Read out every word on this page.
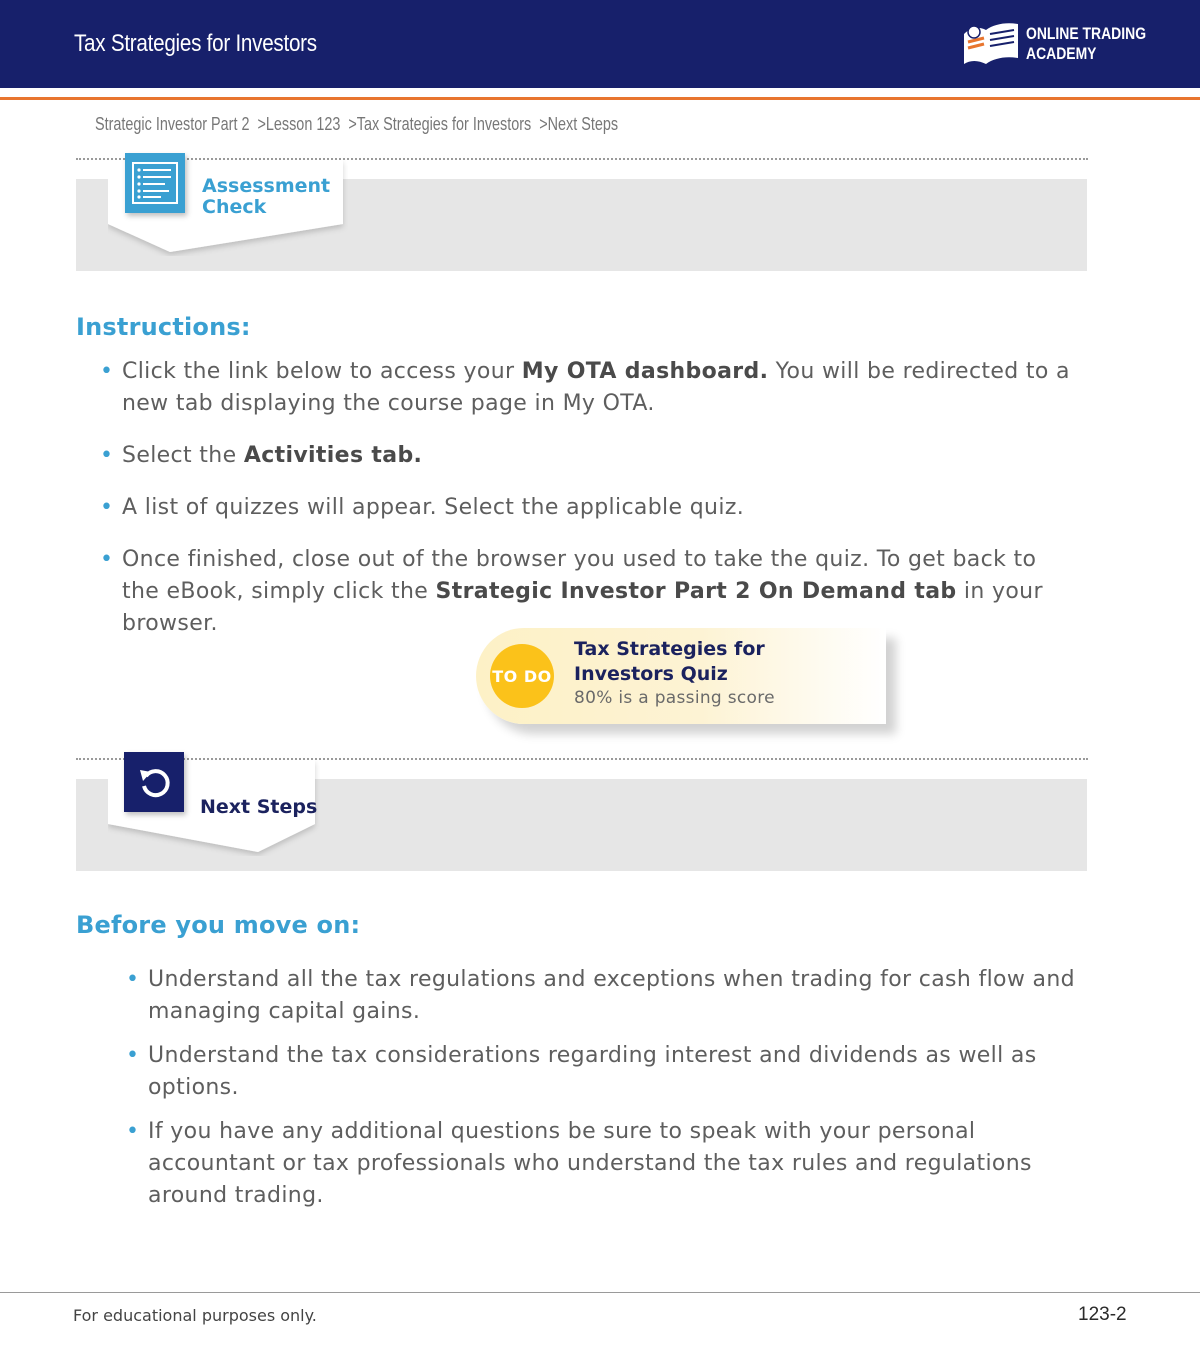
Tax Strategies for Investors	ONLINE TRADING
ACADEMY
Strategic Investor Part 2 >Lesson 123 >Tax Strategies for Investors >Next Steps
Assessment
Check
Instructions:
• Click the link below to access your My OTA dashboard. You will be redirected to a new tab displaying the course page in My OTA.
• Select the Activities tab.
• A list of quizzes will appear. Select the applicable quiz.
• Once finished, close out of the browser you used to take the quiz. To get back to the eBook, simply click the Strategic Investor Part 2 On Demand tab in your browser.
TO DO
Tax Strategies for
Investors Quiz
80% is a passing score
Next Steps
Before you move on:
• Understand all the tax regulations and exceptions when trading for cash flow and managing capital gains.
• Understand the tax considerations regarding interest and dividends as well as options.
• If you have any additional questions be sure to speak with your personal accountant or tax professionals who understand the tax rules and regulations around trading.
For educational purposes only.	123-2
